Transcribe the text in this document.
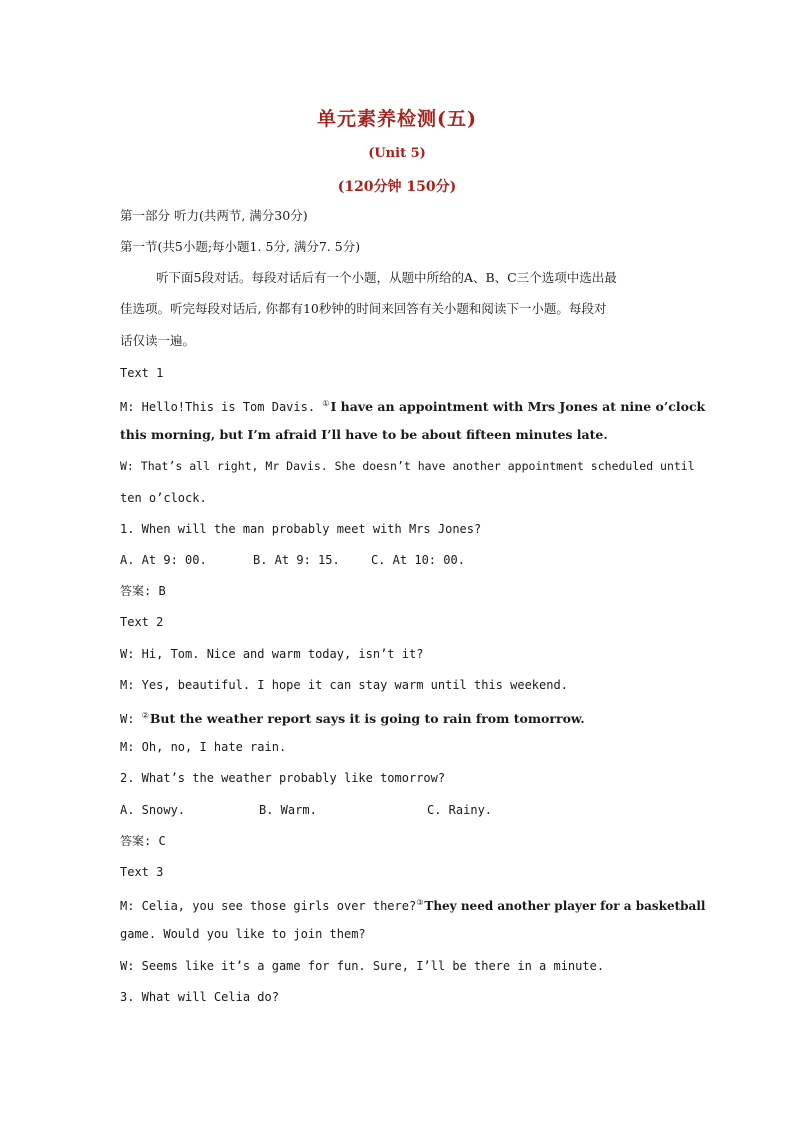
单元素养检测(五)
(Unit 5)
(120分钟 150分)
第一部分 听力(共两节, 满分30分)
第一节(共5小题;每小题1. 5分, 满分7. 5分)
听下面5段对话。每段对话后有一个小题，从题中所给的A、B、C三个选项中选出最
佳选项。听完每段对话后, 你都有10秒钟的时间来回答有关小题和阅读下一小题。每段对
话仅读一遍。
Text 1
M: Hello!This is Tom Davis. ①I have an appointment with Mrs Jones at nine o’clock
this morning, but I’m afraid I’ll have to be about fifteen minutes late.
W: That’s all right, Mr Davis. She doesn’t have another appointment scheduled until
ten o’clock.
1. When will the man probably meet with Mrs Jones?
A. At 9: 00.	B. At 9: 15.	C. At 10: 00.
答案: B
Text 2
W: Hi, Tom. Nice and warm today, isn’t it?
M: Yes, beautiful. I hope it can stay warm until this weekend.
W: ②But the weather report says it is going to rain from tomorrow.
M: Oh, no, I hate rain.
2. What’s the weather probably like tomorrow?
A. Snowy.	B. Warm.	C. Rainy.
答案: C
Text 3
M: Celia, you see those girls over there?③They need another player for a basketball
game. Would you like to join them?
W: Seems like it’s a game for fun. Sure, I’ll be there in a minute.
3. What will Celia do?
